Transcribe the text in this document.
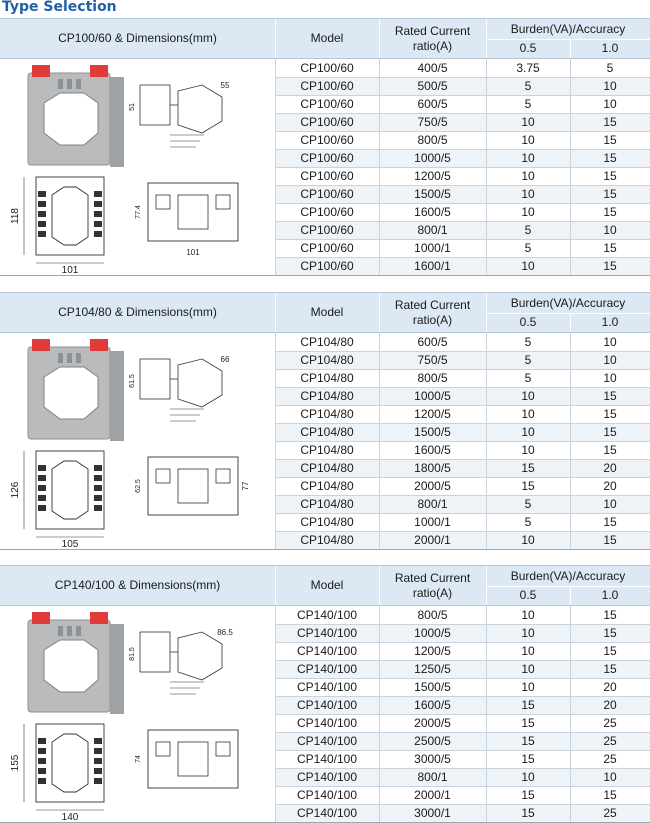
Type Selection
CP100/60 & Dimensions(mm)	Model
Rated Current ratio(A)
Burden(VA)/Accuracy
0.5	1.0
CP100/60	400/5	3.75	5
CP100/60	500/5	5	10
CP100/60	600/5	5	10
CP100/60	750/5	10	15
CP100/60	800/5	10	15
CP100/60	1000/5	10	15
CP100/60	1200/5	10	15
CP100/60	1500/5	10	15
CP100/60	1600/5	10	15
CP100/60	800/1	5	10
CP100/60	1000/1	5	15
CP100/60	1600/1	10	15
55
51
118
101
77.4
101
CP104/80 & Dimensions(mm)	Model
Rated Current ratio(A)
Burden(VA)/Accuracy
0.5	1.0
CP104/80	600/5	5	10
CP104/80	750/5	5	10
CP104/80	800/5	5	10
CP104/80	1000/5	10	15
CP104/80	1200/5	10	15
CP104/80	1500/5	10	15
CP104/80	1600/5	10	15
CP104/80	1800/5	15	20
CP104/80	2000/5	15	20
CP104/80	800/1	5	10
CP104/80	1000/1	5	15
CP104/80	2000/1	10	15
66
61.5
126
105
62.5	77
CP140/100 & Dimensions(mm)	Model
Rated Current ratio(A)
Burden(VA)/Accuracy
0.5	1.0
CP140/100	800/5	10	15
CP140/100	1000/5	10	15
CP140/100	1200/5	10	15
CP140/100	1250/5	10	15
CP140/100	1500/5	10	20
CP140/100	1600/5	15	20
CP140/100	2000/5	15	25
CP140/100	2500/5	15	25
CP140/100	3000/5	15	25
CP140/100	800/1	10	10
CP140/100	2000/1	15	15
CP140/100	3000/1	15	25
86.5
81.5
155
140
74
